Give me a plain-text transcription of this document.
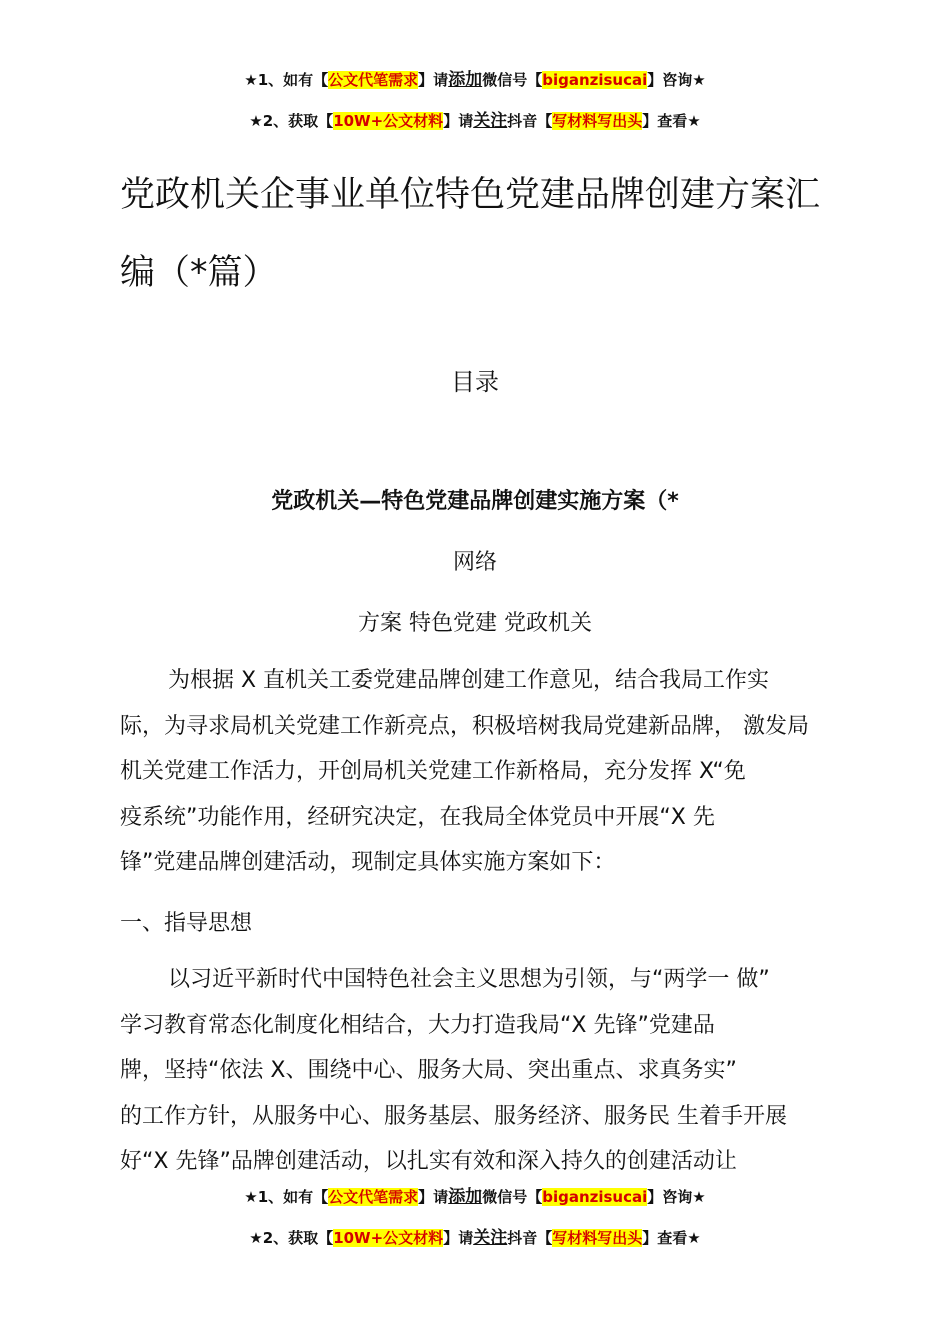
★1、如有【公文代笔需求】请添加微信号【biganzisucai】咨询★
★2、获取【10W+公文材料】请关注抖音【写材料写出头】查看★
党政机关企事业单位特色党建品牌创建方案汇
编（*篇）
目录
党政机关—特色党建品牌创建实施方案（*
网络
方案 特色党建 党政机关
为根据 X 直机关工委党建品牌创建工作意见，结合我局工作实
际，为寻求局机关党建工作新亮点，积极培树我局党建新品牌， 激发局
机关党建工作活力，开创局机关党建工作新格局，充分发挥 X“免
疫系统”功能作用，经研究决定，在我局全体党员中开展“X 先
锋”党建品牌创建活动，现制定具体实施方案如下：
一、指导思想
以习近平新时代中国特色社会主义思想为引领，与“两学一 做”
学习教育常态化制度化相结合，大力打造我局“X 先锋”党建品
牌，坚持“依法 X、围绕中心、服务大局、突出重点、求真务实”
的工作方针，从服务中心、服务基层、服务经济、服务民 生着手开展
好“X 先锋”品牌创建活动，以扎实有效和深入持久的创建活动让
★1、如有【公文代笔需求】请添加微信号【biganzisucai】咨询★
★2、获取【10W+公文材料】请关注抖音【写材料写出头】查看★
